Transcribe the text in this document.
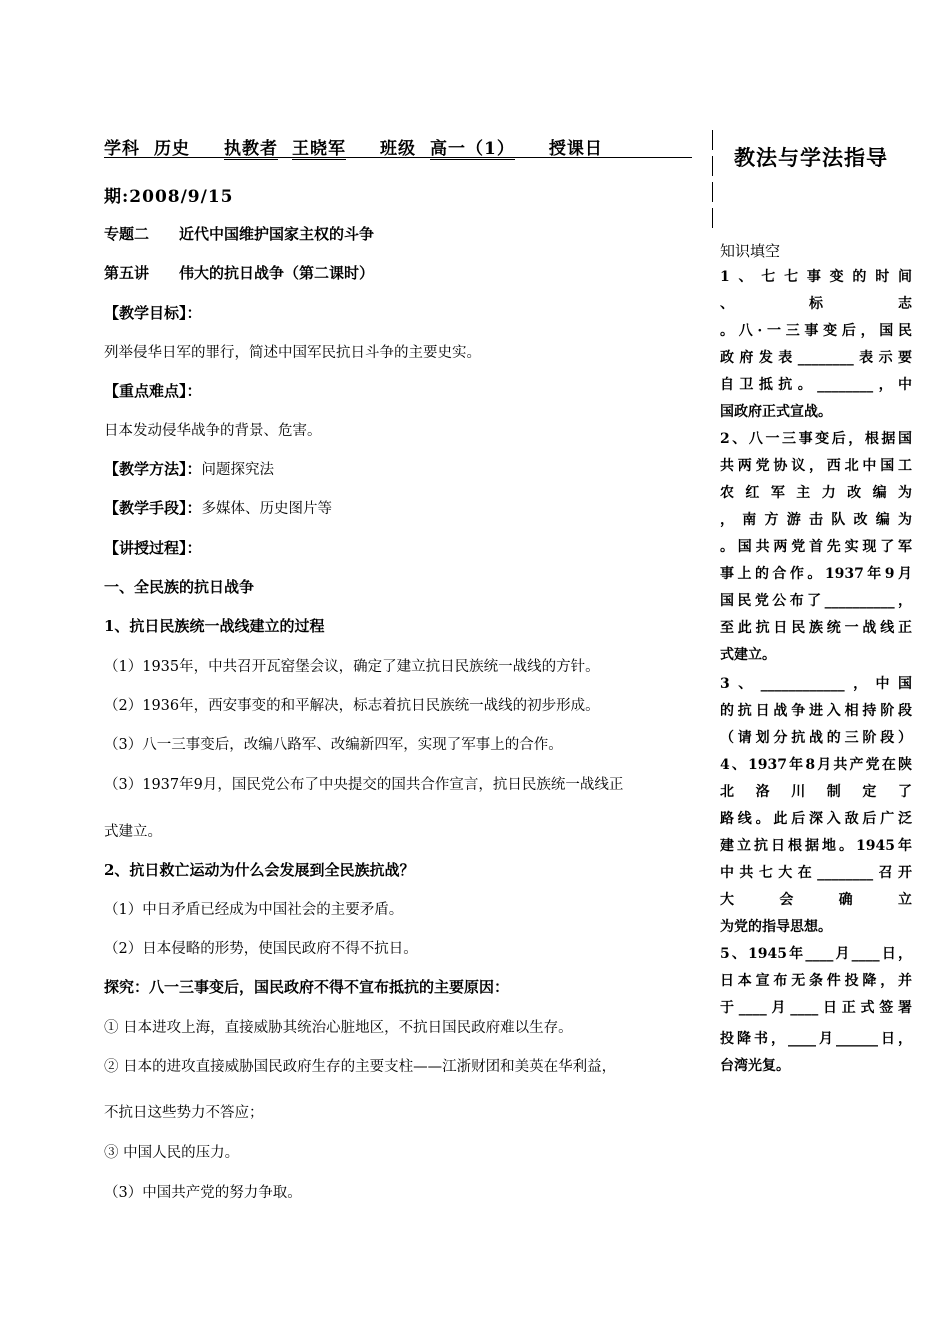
学科 历史 执教者 王晓军 班级 高一（1） 授课日
期:2008/9/15
专题二　　近代中国维护国家主权的斗争
第五讲　　伟大的抗日战争（第二课时）
【教学目标】：
列举侵华日军的罪行，简述中国军民抗日斗争的主要史实。
【重点难点】：
日本发动侵华战争的背景、危害。
【教学方法】：问题探究法
【教学手段】：多媒体、历史图片等
【讲授过程】：
一、全民族的抗日战争
1、抗日民族统一战线建立的过程
（1）1935年，中共召开瓦窑堡会议，确定了建立抗日民族统一战线的方针。
（2）1936年，西安事变的和平解决，标志着抗日民族统一战线的初步形成。
（3）八一三事变后，改编八路军、改编新四军，实现了军事上的合作。
（3）1937年9月，国民党公布了中央提交的国共合作宣言，抗日民族统一战线正
式建立。
2、抗日救亡运动为什么会发展到全民族抗战？
（1）中日矛盾已经成为中国社会的主要矛盾。
（2）日本侵略的形势，使国民政府不得不抗日。
探究：八一三事变后，国民政府不得不宣布抵抗的主要原因：
① 日本进攻上海，直接威胁其统治心脏地区，不抗日国民政府难以生存。
② 日本的进攻直接威胁国民政府生存的主要支柱——江浙财团和美英在华利益，
不抗日这些势力不答应；
③ 中国人民的压力。
（3）中国共产党的努力争取。
教法与学法指导
知识填空
1、七七事变的时间
、标志
。八·一三事变后，国民
政府发表________表示要
自卫抵抗。________，中
国政府正式宣战。
2、八一三事变后，根据国
共两党协议，西北中国工
农红军主力改编为
，南方游击队改编为
。国共两党首先实现了军
事上的合作。1937年9月
国民党公布了__________，
至此抗日民族统一战线正
式建立。
3、____________，中国
的抗日战争进入相持阶段
（请划分抗战的三阶段）
4、1937年8月共产党在陕
北洛川制定了
路线。此后深入敌后广泛
建立抗日根据地。1945年
中共七大在________召开
大会确立
为党的指导思想。
5、1945年____月____日，
日本宣布无条件投降，并
于____月____日正式签署
投降书，____月______日，
台湾光复。
